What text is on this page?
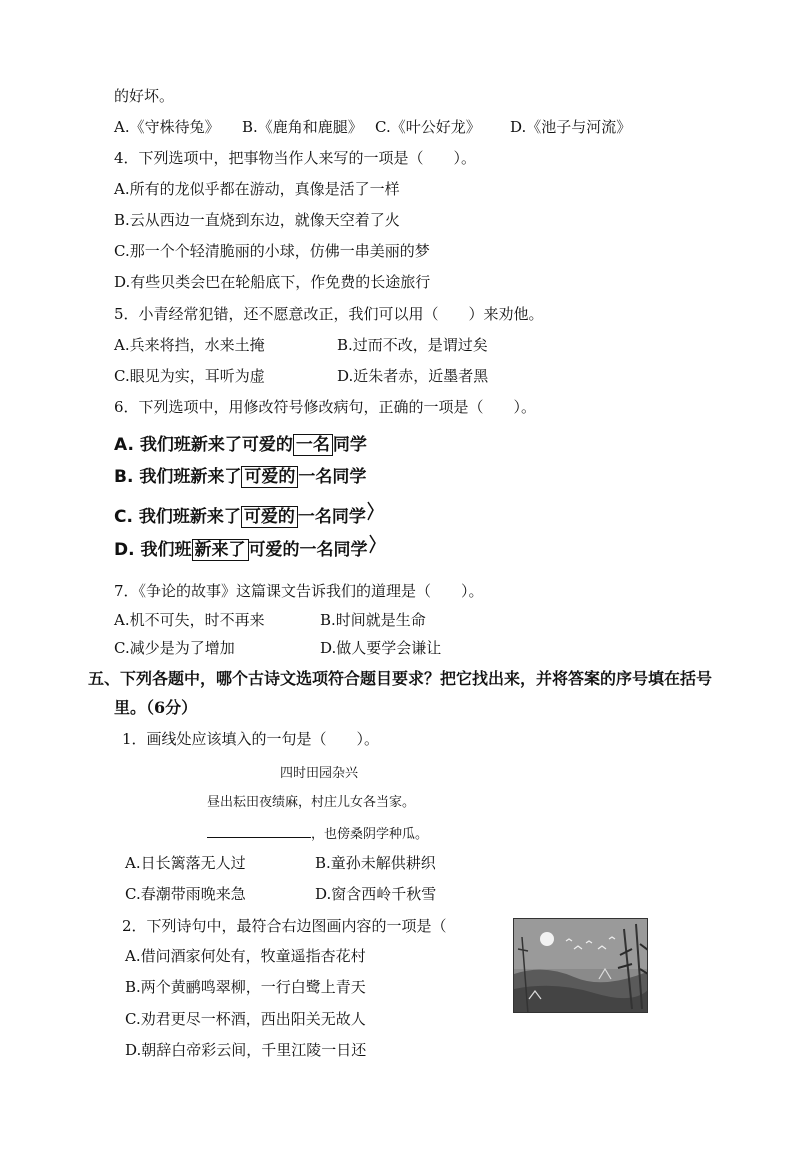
的好坏。
A.《守株待兔》 B.《鹿角和鹿腿》 C.《叶公好龙》 D.《池子与河流》
4．下列选项中，把事物当作人来写的一项是（　　）。
A.所有的龙似乎都在游动，真像是活了一样
B.云从西边一直烧到东边，就像天空着了火
C.那一个个轻清脆丽的小球，仿佛一串美丽的梦
D.有些贝类会巴在轮船底下，作免费的长途旅行
5．小青经常犯错，还不愿意改正，我们可以用（　　）来劝他。
A.兵来将挡，水来土掩	B.过而不改，是谓过矣
C.眼见为实，耳听为虚	D.近朱者赤，近墨者黑
6．下列选项中，用修改符号修改病句，正确的一项是（　　）。
A. 我们班新来了可爱的 一名 同学
B. 我们班新来了 可爱的 一名同学
C. 我们班新来了 可爱的 一名同学
D. 我们班 新来了 可爱的一名同学
7．《争论的故事》这篇课文告诉我们的道理是（　　）。
A.机不可失，时不再来	B.时间就是生命
C.减少是为了增加	D.做人要学会谦让
五、下列各题中，哪个古诗文选项符合题目要求？把它找出来，并将答案的序号填在括号
里。（6分）
1．画线处应该填入的一句是（　　）。
四时田园杂兴
昼出耘田夜绩麻，村庄儿女各当家。
，也傍桑阴学种瓜。
A.日长篱落无人过	B.童孙未解供耕织
C.春潮带雨晚来急	D.窗含西岭千秋雪
2．下列诗句中，最符合右边图画内容的一项是（
A.借问酒家何处有，牧童遥指杏花村
B.两个黄鹂鸣翠柳，一行白鹭上青天
C.劝君更尽一杯酒，西出阳关无故人
D.朝辞白帝彩云间，千里江陵一日还
